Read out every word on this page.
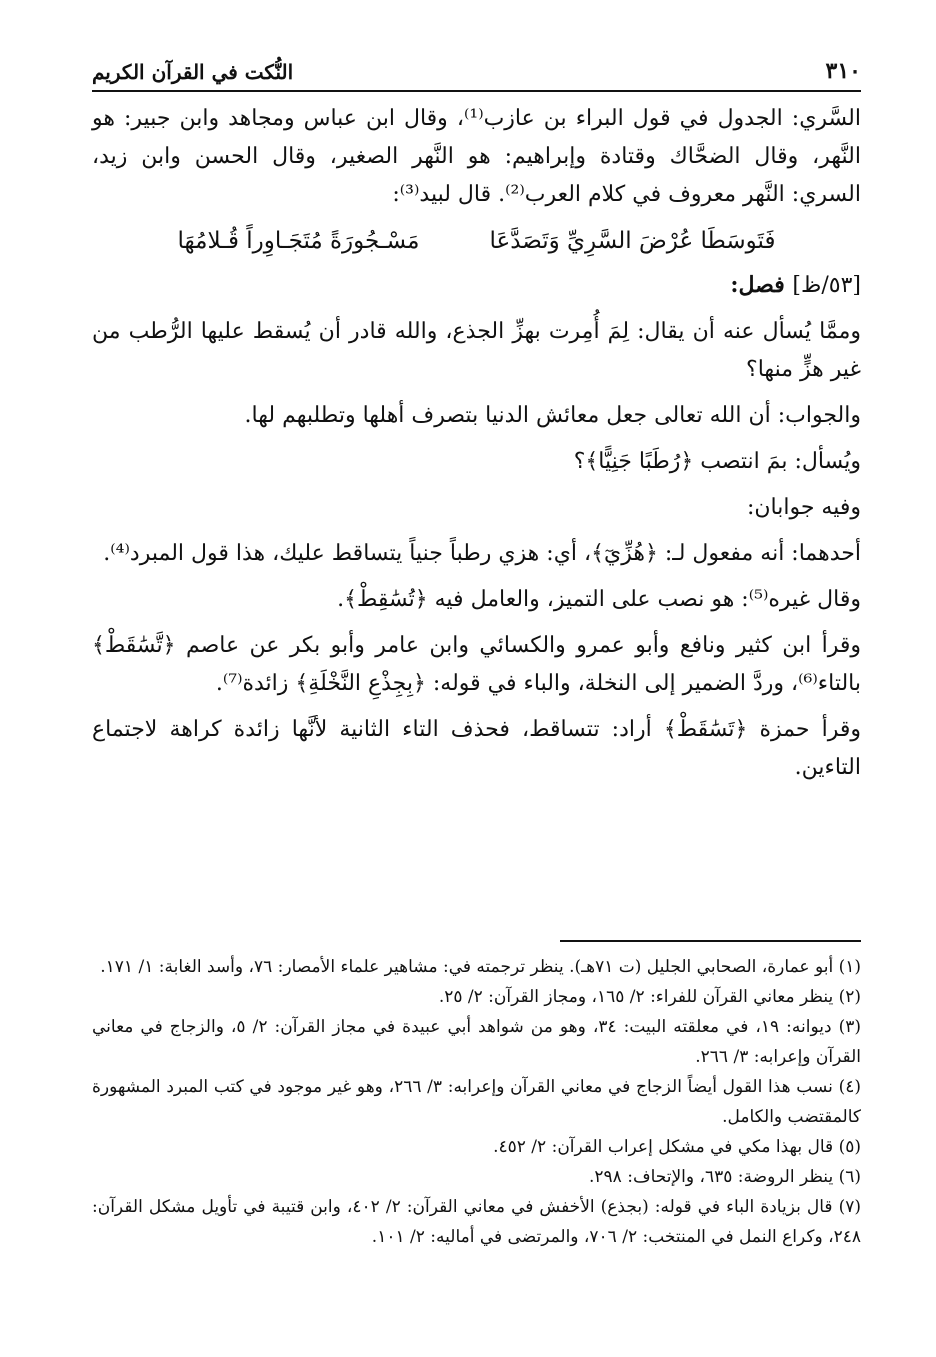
٣١٠
النُّكت في القرآن الكريم

السَّري: الجدول في قول البراء بن عازب⁽¹⁾، وقال ابن عباس ومجاهد وابن جبير: هو النَّهر، وقال الضحَّاك وقتادة وإبراهيم: هو النَّهر الصغير، وقال الحسن وابن زيد، السري: النَّهر معروف في كلام العرب⁽²⁾. قال لبيد⁽³⁾:

فَتَوسَطَا عُرْضَ السَّرِيِّ وَتَصَدَّعَا
مَسْـجُورَةً مُتَجَـاوِراً قُـلامُهَا
[٥٣/ظ] فصل:

وممَّا يُسأل عنه أن يقال: لِمَ أُمِرت بهزِّ الجذع، والله قادر أن يُسقط عليها الرُّطب من غير هزٍّ منها؟

والجواب: أن الله تعالى جعل معائش الدنيا بتصرف أهلها وتطلبهم لها.

ويُسأل: بمَ انتصب ﴿رُطَبًا جَنِيًّا﴾؟

وفيه جوابان:

أحدهما: أنه مفعول لـ: ﴿هُزِّيٓ﴾، أي: هزي رطباً جنياً يتساقط عليك، هذا قول المبرد⁽⁴⁾.

وقال غيره⁽⁵⁾: هو نصب على التميز، والعامل فيه ﴿تُسَٰقِطْ﴾.

وقرأ ابن كثير ونافع وأبو عمرو والكسائي وابن عامر وأبو بكر عن عاصم ﴿تَّسَٰقَطْ﴾ بالتاء⁽⁶⁾، وردَّ الضمير إلى النخلة، والباء في قوله: ﴿بِجِذْعِ النَّخْلَةِ﴾ زائدة⁽⁷⁾.

وقرأ حمزة ﴿تَسَٰقَطْ﴾ أراد: تتساقط، فحذف التاء الثانية لأنَّها زائدة كراهة لاجتماع التاءين.

(١) أبو عمارة، الصحابي الجليل (ت ٧١هـ). ينظر ترجمته في: مشاهير علماء الأمصار: ٧٦، وأسد الغابة: ١/ ١٧١.

(٢) ينظر معاني القرآن للفراء: ٢/ ١٦٥، ومجاز القرآن: ٢/ ٢٥.

(٣) ديوانه: ١٩، في معلقته البيت: ٣٤، وهو من شواهد أبي عبيدة في مجاز القرآن: ٢/ ٥، والزجاج في معاني القرآن وإعرابه: ٣/ ٢٦٦.

(٤) نسب هذا القول أيضاً الزجاج في معاني القرآن وإعرابه: ٣/ ٢٦٦، وهو غير موجود في كتب المبرد المشهورة كالمقتضب والكامل.

(٥) قال بهذا مكي في مشكل إعراب القرآن: ٢/ ٤٥٢.

(٦) ينظر الروضة: ٦٣٥، والإتحاف: ٢٩٨.

(٧) قال بزيادة الباء في قوله: (بجذع) الأخفش في معاني القرآن: ٢/ ٤٠٢، وابن قتيبة في تأويل مشكل القرآن: ٢٤٨، وكراع النمل في المنتخب: ٢/ ٧٠٦، والمرتضى في أماليه: ٢/ ١٠١.
